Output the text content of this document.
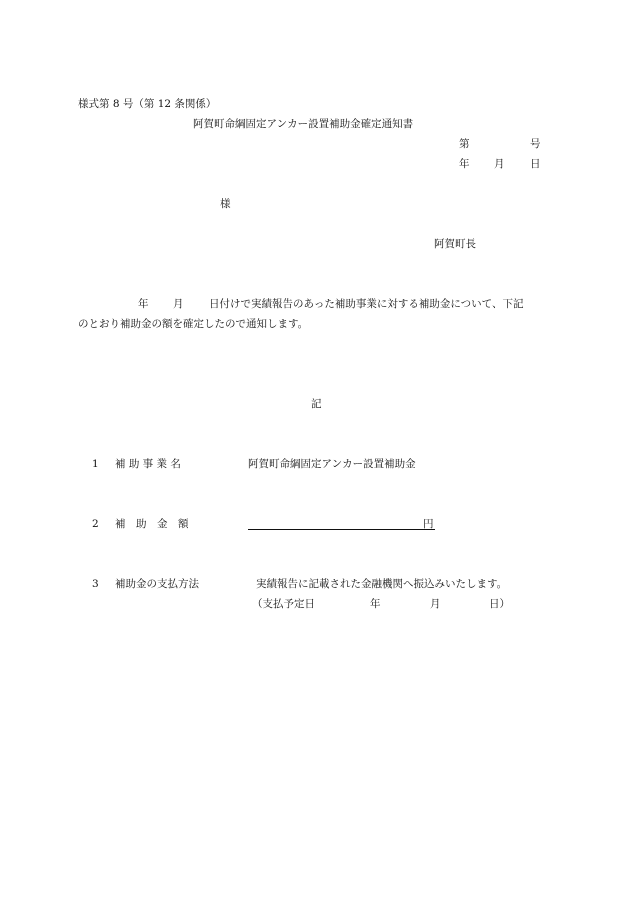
様式第 8 号（第 12 条関係）
阿賀町命綱固定アンカー設置補助金確定通知書
第	号
年 月 日
様
阿賀町長
年 月 日付けで実績報告のあった補助事業に対する補助金について、下記
のとおり補助金の額を確定したので通知します。
記
1 補 助 事 業 名	阿賀町命綱固定アンカー設置補助金
2 補　助　金　額	円
3 補助金の支払方法	実績報告に記載された金融機関へ振込みいたします。
（支払予定日	年	月	日）
